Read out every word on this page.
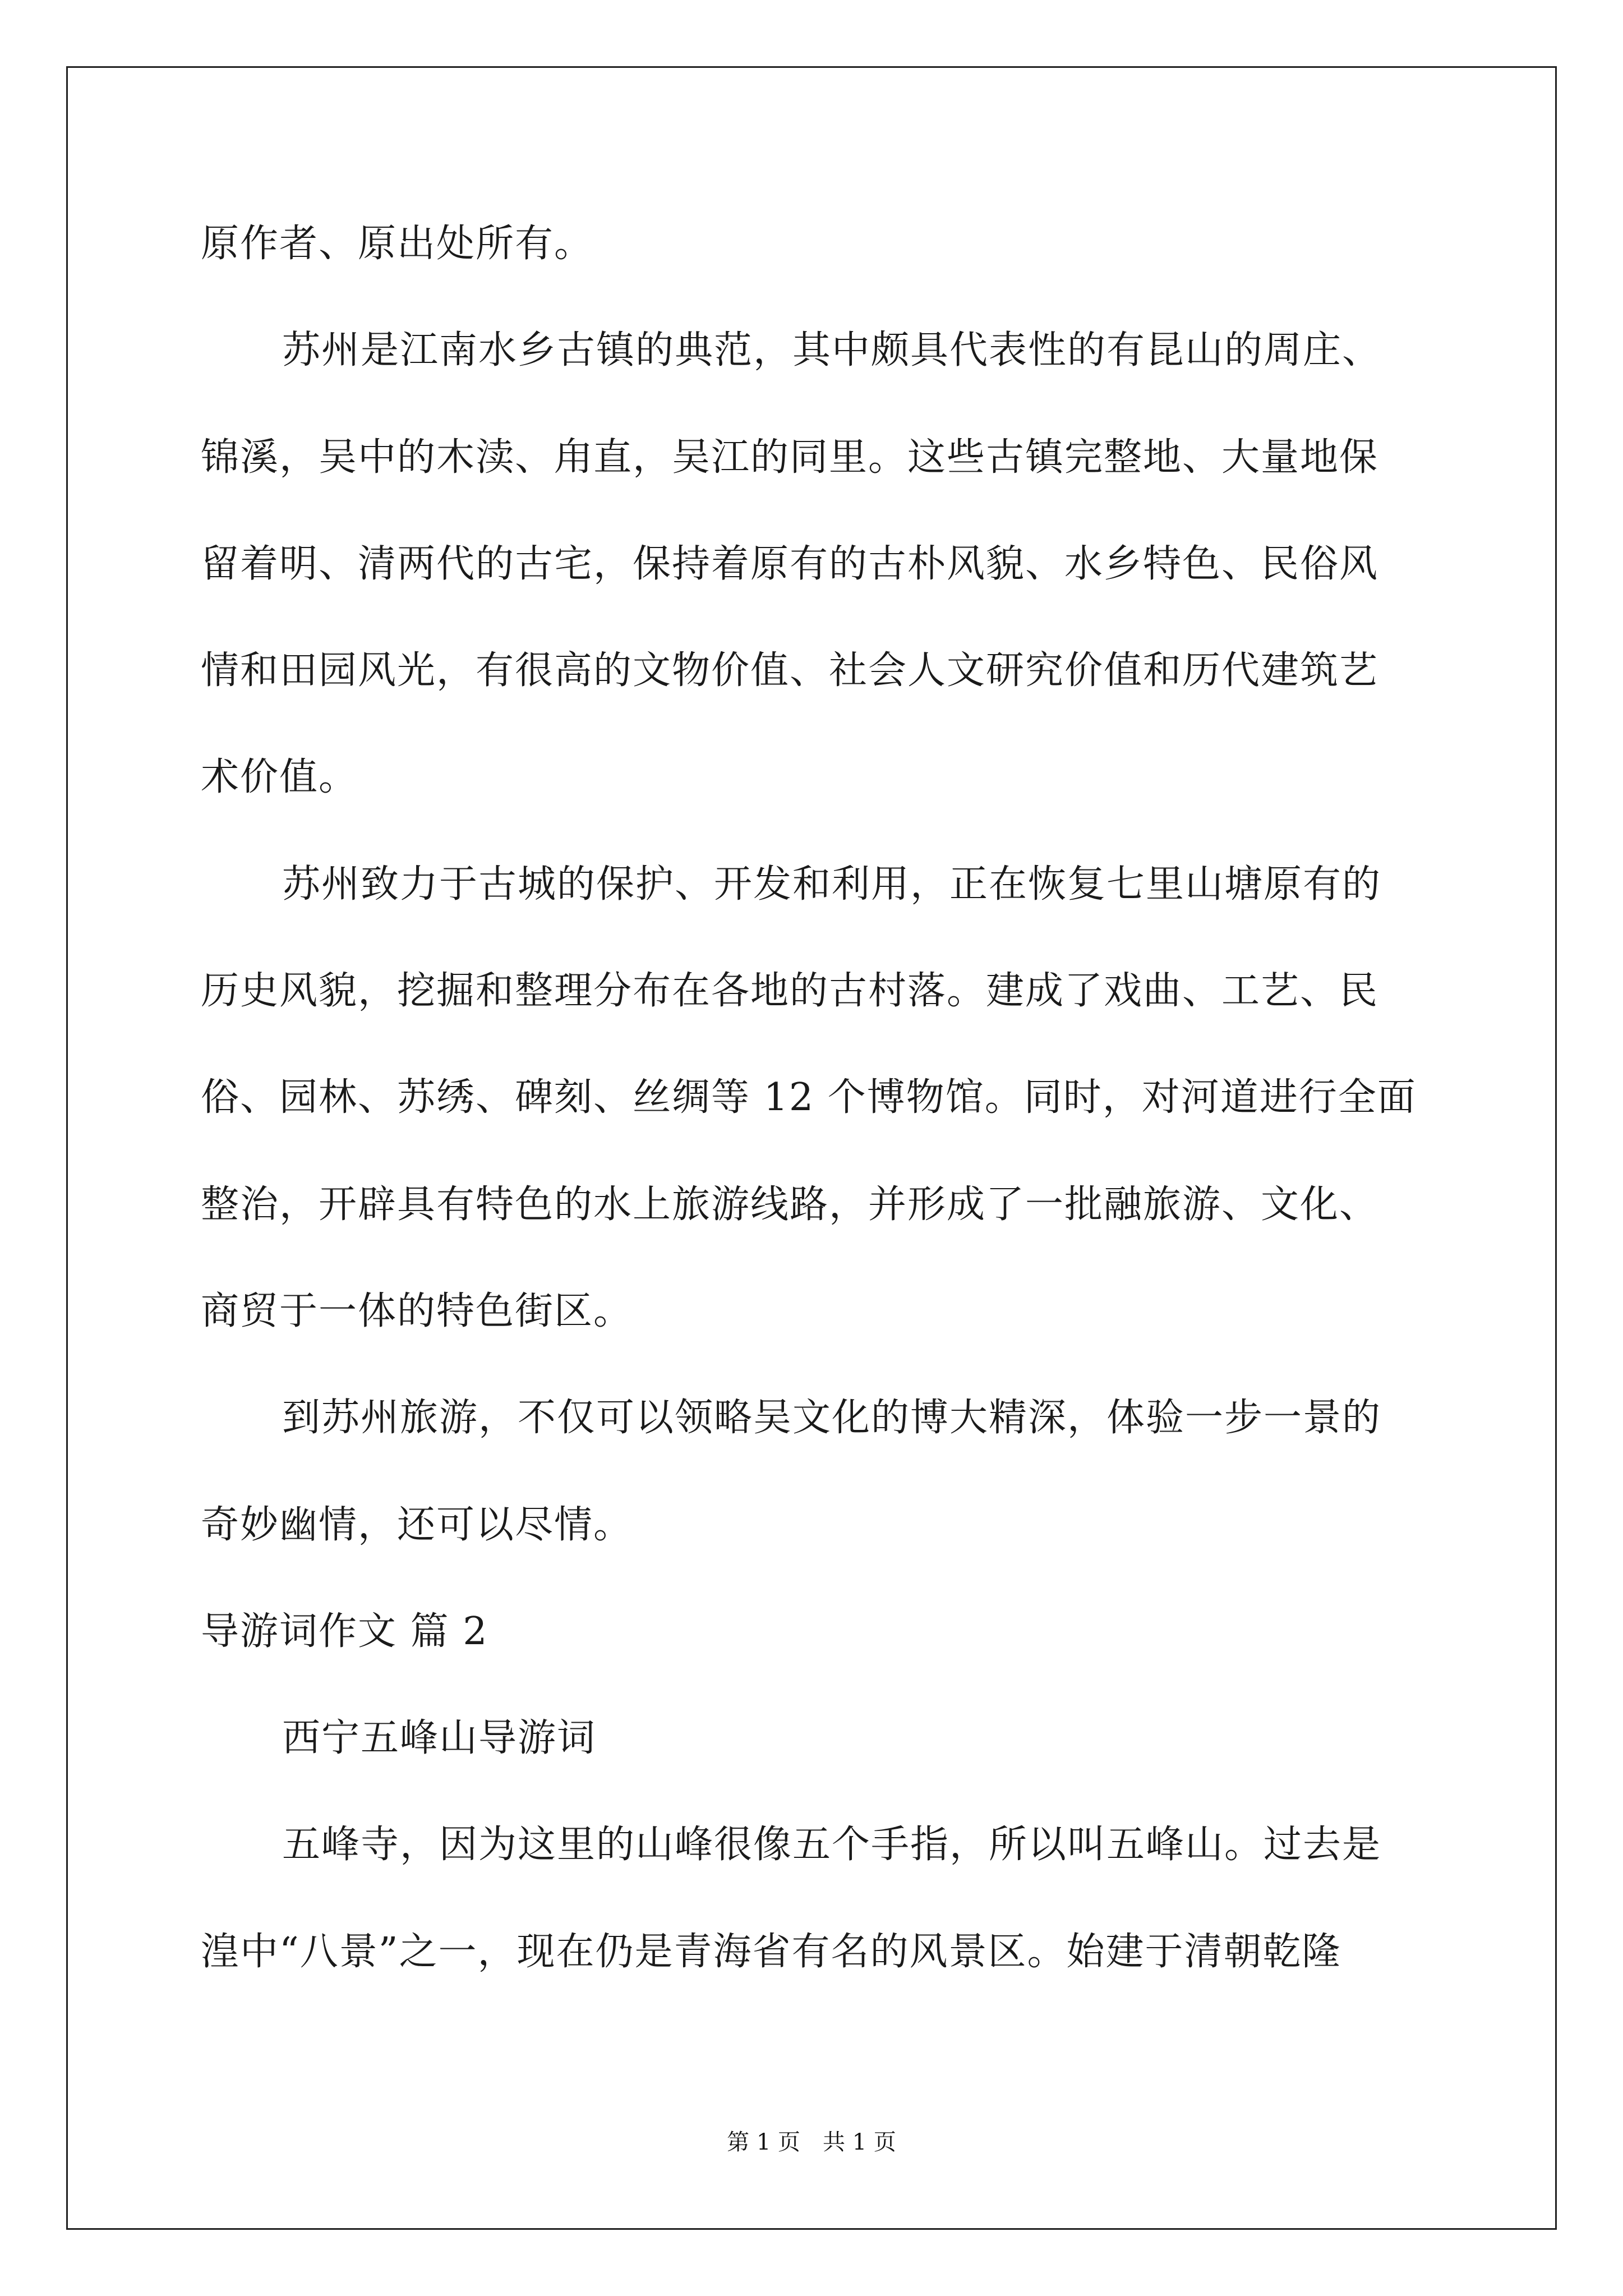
原作者、原出处所有。
苏州是江南水乡古镇的典范，其中颇具代表性的有昆山的周庄、
锦溪，吴中的木渎、甪直，吴江的同里。这些古镇完整地、大量地保
留着明、清两代的古宅，保持着原有的古朴风貌、水乡特色、民俗风
情和田园风光，有很高的文物价值、社会人文研究价值和历代建筑艺
术价值。
苏州致力于古城的保护、开发和利用，正在恢复七里山塘原有的
历史风貌，挖掘和整理分布在各地的古村落。建成了戏曲、工艺、民
俗、园林、苏绣、碑刻、丝绸等 12 个博物馆。同时，对河道进行全面
整治，开辟具有特色的水上旅游线路，并形成了一批融旅游、文化、
商贸于一体的特色街区。
到苏州旅游，不仅可以领略吴文化的博大精深，体验一步一景的
奇妙幽情，还可以尽情。
导游词作文 篇 2
西宁五峰山导游词
五峰寺，因为这里的山峰很像五个手指，所以叫五峰山。过去是
湟中“八景”之一，现在仍是青海省有名的风景区。始建于清朝乾隆
第 1 页 共 1 页
